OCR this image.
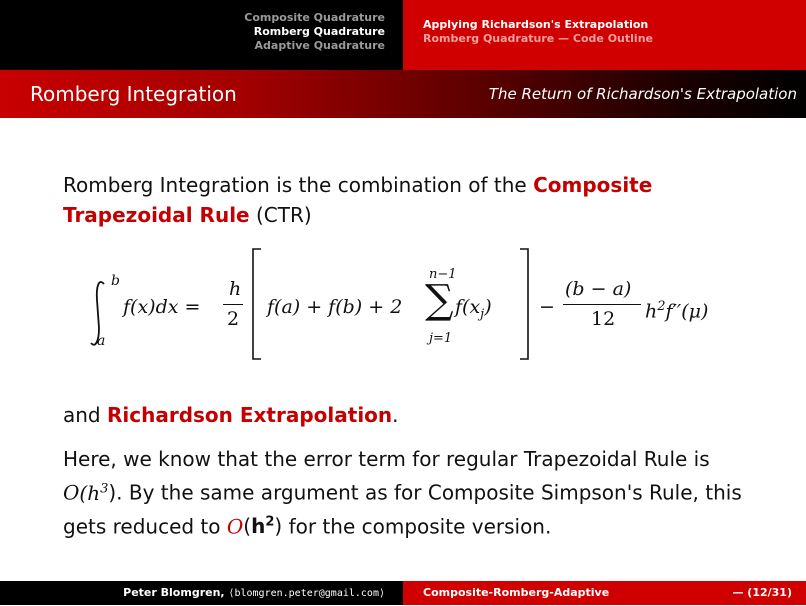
Composite Quadrature
Romberg Quadrature
Adaptive Quadrature
Applying Richardson's Extrapolation
Romberg Quadrature — Code Outline
Romberg Integration	The Return of Richardson's Extrapolation

Romberg Integration is the combination of the Composite Trapezoidal Rule (CTR)

b
a
f(x)dx =
h
2
f(a) + f(b) + 2
n−1
∑
j=1
$f(x_j)$ −
(b − a)
12 $h^2f''(\mu)$

and Richardson Extrapolation.

Here, we know that the error term for regular Trapezoidal Rule is $O(h^3)$. By the same argument as for Composite Simpson's Rule, this gets reduced to $O(h^2)$ for the composite version.

Peter Blomgren, ⟨blomgren.peter@gmail.com⟩	Composite-Romberg-Adaptive	— (12/31)
